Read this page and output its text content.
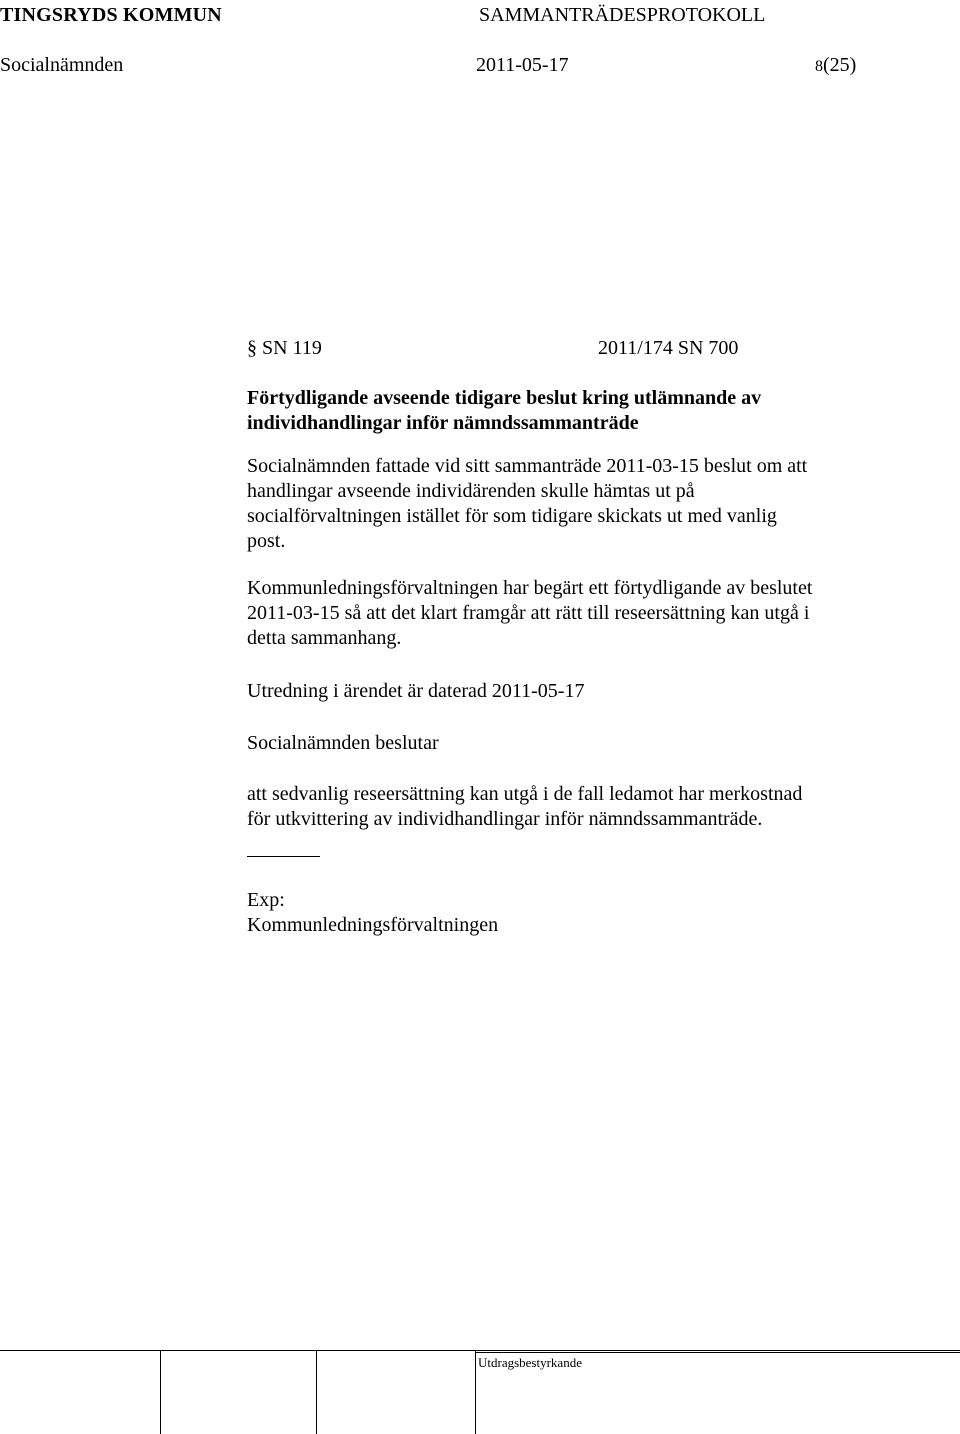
TINGSRYDS KOMMUN	SAMMANTRÄDESPROTOKOLL
Socialnämnden	2011-05-17	8(25)
§ SN 119	2011/174 SN 700

Förtydligande avseende tidigare beslut kring utlämnande av
individhandlingar inför nämndssammanträde

Socialnämnden fattade vid sitt sammanträde 2011-03-15 beslut om att
handlingar avseende individärenden skulle hämtas ut på
socialförvaltningen istället för som tidigare skickats ut med vanlig
post.

Kommunledningsförvaltningen har begärt ett förtydligande av beslutet
2011-03-15 så att det klart framgår att rätt till reseersättning kan utgå i
detta sammanhang.

Utredning i ärendet är daterad 2011-05-17

Socialnämnden beslutar

att sedvanlig reseersättning kan utgå i de fall ledamot har merkostnad
för utkvittering av individhandlingar inför nämndssammanträde.

Exp:

Kommunledningsförvaltningen

Utdragsbestyrkande
